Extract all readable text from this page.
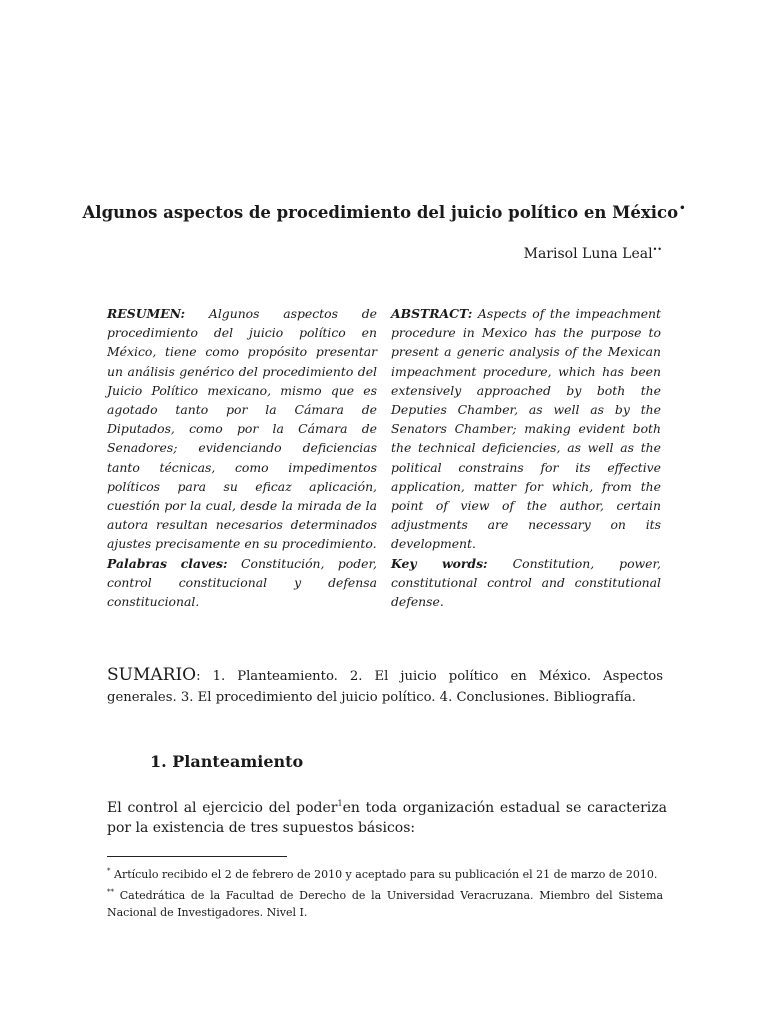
Algunos aspectos de procedimiento del juicio político en México•
Marisol Luna Leal••
RESUMEN: Algunos aspectos de procedimiento del juicio político en México, tiene como propósito presentar un análisis genérico del procedimiento del Juicio Político mexicano, mismo que es agotado tanto por la Cámara de Diputados, como por la Cámara de Senadores; evidenciando deficiencias tanto técnicas, como impedimentos políticos para su eficaz aplicación, cuestión por la cual, desde la mirada de la autora resultan necesarios determinados ajustes precisamente en su procedimiento.
Palabras claves: Constitución, poder, control constitucional y defensa constitucional.
ABSTRACT: Aspects of the impeachment procedure in Mexico has the purpose to present a generic analysis of the Mexican impeachment procedure, which has been extensively approached by both the Deputies Chamber, as well as by the Senators Chamber; making evident both the technical deficiencies, as well as the political constrains for its effective application, matter for which, from the point of view of the author, certain adjustments are necessary on its development.
Key words: Constitution, power, constitutional control and constitutional defense.
SUMARIO: 1. Planteamiento. 2. El juicio político en México. Aspectos generales. 3. El procedimiento del juicio político. 4. Conclusiones. Bibliografía.
1. Planteamiento
El control al ejercicio del poder$^1$en toda organización estadual se caracteriza por la existencia de tres supuestos básicos:
* Artículo recibido el 2 de febrero de 2010 y aceptado para su publicación el 21 de marzo de 2010.
** Catedrática de la Facultad de Derecho de la Universidad Veracruzana. Miembro del Sistema Nacional de Investigadores. Nivel I.
